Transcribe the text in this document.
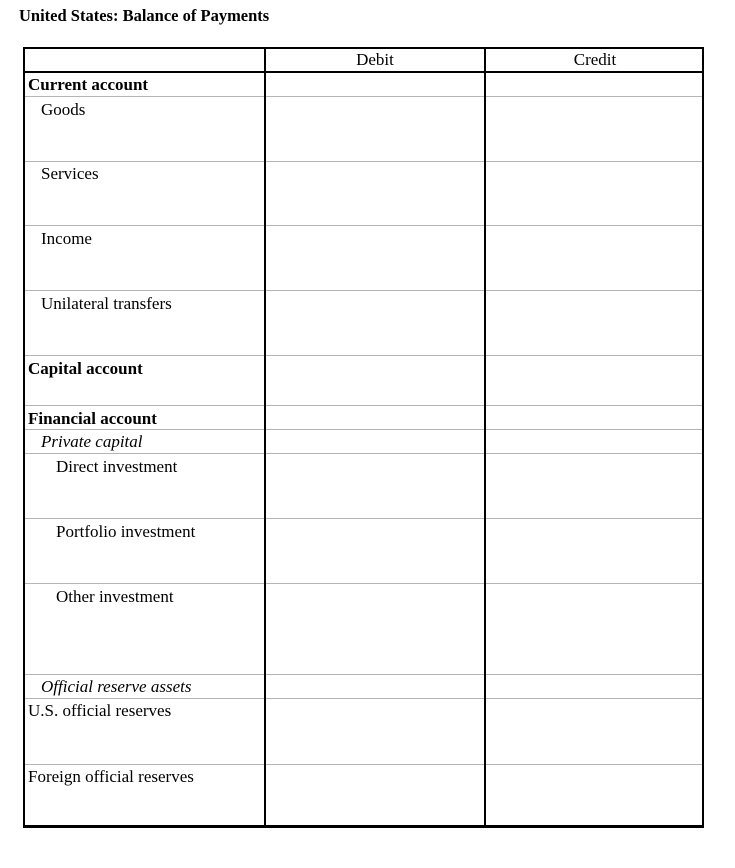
United States: Balance of Payments
Debit	Credit
Current account
Goods
Services
Income
Unilateral transfers
Capital account
Financial account
Private capital
Direct investment
Portfolio investment
Other investment
Official reserve assets
U.S. official reserves
Foreign official reserves
